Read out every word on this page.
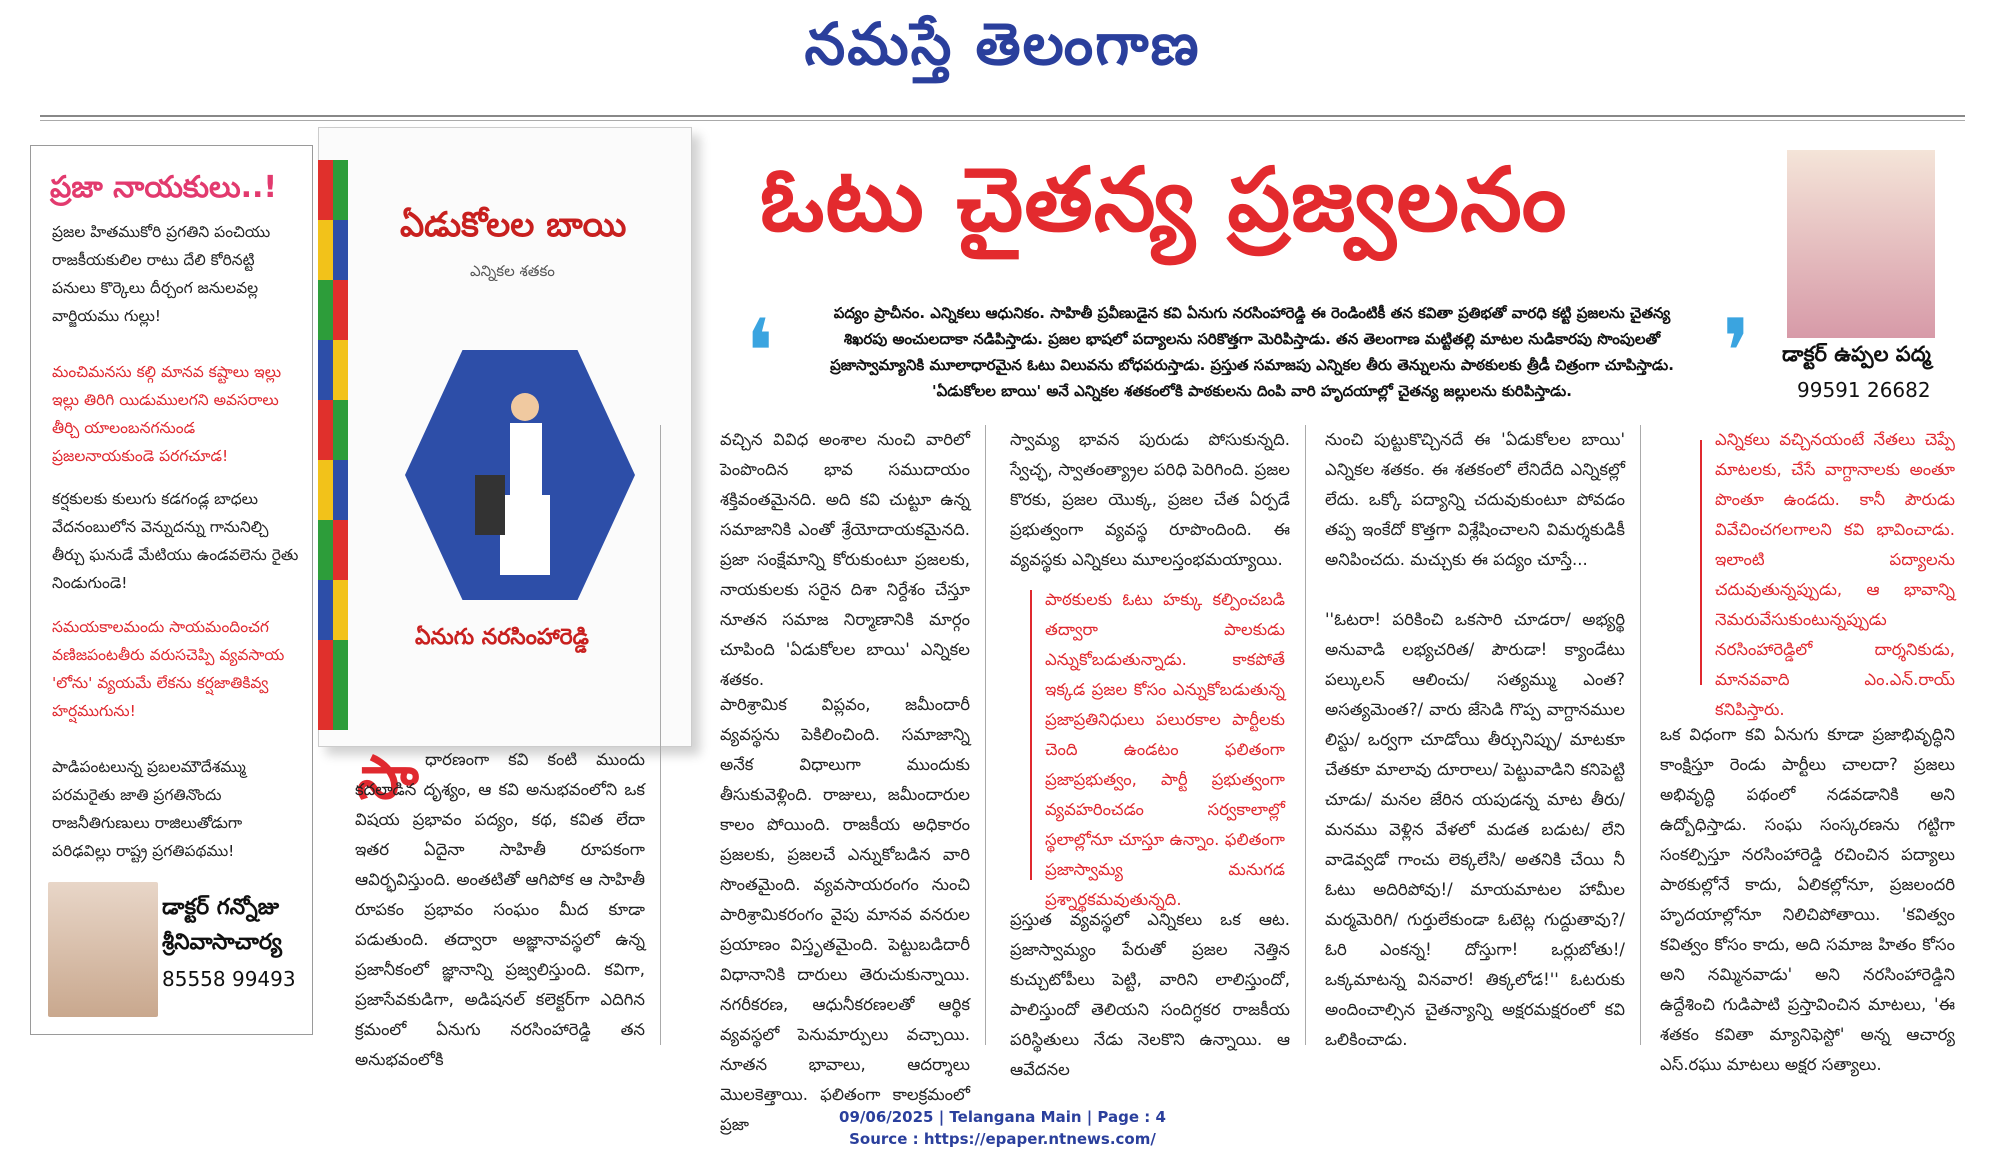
నమస్తే తెలంగాణ
ప్రజా నాయకులు..!
ప్రజల హితముకోరి ప్రగతిని పంచియు రాజకీయకులిల రాటు దేలి కోరినట్టి పనులు కొర్కెలు దీర్చంగ జనులవల్ల వార్జియము గుల్లు!
మంచిమనసు కల్గి మానవ కష్టాలు ఇల్లు ఇల్లు తిరిగి యిడుములగని అవసరాలు తీర్చి యాలంబనగనుండ ప్రజలనాయకుండె పరగచూడ!
కర్షకులకు కులుగు కడగండ్ల బాధలు వేదనంబులోన వెన్నుదన్ను గానునిల్చి తీర్చు ఘనుడే మేటియు ఉండవలెను రైతు నిండుగుండె!
సమయకాలమందు సాయమందించగ వణిజపంటతీరు వరుసచెప్పి వ్యవసాయ 'లోను' వ్యయమే లేకను కర్షజాతికివ్వ హర్షముగును!
పాడిపంటలున్న ప్రబలమౌదేశమ్ము పరమరైతు జాతి ప్రగతినొందు రాజనీతిగుణులు రాజిలుతోడుగా పరిఢవిల్లు రాష్ట్ర ప్రగతిపథము!
డాక్టర్ గన్నోజు
శ్రీనివాసాచార్య
85558 99493
ఏడుకోలల బాయి
ఎన్నికల శతకం
ఏనుగు నరసింహారెడ్డి
ఓటు చైతన్య ప్రజ్వలనం
❛	పద్యం ప్రాచీనం. ఎన్నికలు ఆధునికం. సాహితీ ప్రవీణుడైన కవి ఏనుగు నరసింహారెడ్డి ఈ రెండింటికీ తన కవితా ప్రతిభతో వారధి కట్టి ప్రజలను చైతన్య శిఖరపు అంచులదాకా నడిపిస్తాడు. ప్రజల భాషలో పద్యాలను సరికొత్తగా మెరిపిస్తాడు. తన తెలంగాణ మట్టితల్లి మాటల నుడికారపు సొంపులతో ప్రజాస్వామ్యానికి మూలాధారమైన ఓటు విలువను బోధపరుస్తాడు. ప్రస్తుత సమాజపు ఎన్నికల తీరు తెన్నులను పాఠకులకు త్రీడీ చిత్రంగా చూపిస్తాడు. 'ఏడుకోలల బాయి' అనే ఎన్నికల శతకంలోకి పాఠకులను దింపి వారి హృదయాల్లో చైతన్య జల్లులను కురిపిస్తాడు.	❜ డాక్టర్ ఉప్పల పద్మ
99591 26682
సా ధారణంగా కవి కంటి ముందు కదలాడిన దృశ్యం, ఆ కవి అనుభవంలోని ఒక విషయ ప్రభావం పద్యం, కథ, కవిత లేదా ఇతర ఏదైనా సాహితీ రూపకంగా ఆవిర్భవిస్తుంది. అంతటితో ఆగిపోక ఆ సాహితీ రూపకం ప్రభావం సంఘం మీద కూడా పడుతుంది. తద్వారా అజ్ఞానావస్థలో ఉన్న ప్రజానీకంలో జ్ఞానాన్ని ప్రజ్వలిస్తుంది. కవిగా, ప్రజాసేవకుడిగా, అడిషనల్ కలెక్టర్‌గా ఎదిగిన క్రమంలో ఏనుగు నరసింహారెడ్డి తన అనుభవంలోకి
వచ్చిన వివిధ అంశాల నుంచి వారిలో పెంపొందిన భావ సముదాయం శక్తివంతమైనది. అది కవి చుట్టూ ఉన్న సమాజానికి ఎంతో శ్రేయోదాయకమైనది. ప్రజా సంక్షేమాన్ని కోరుకుంటూ ప్రజలకు, నాయకులకు సరైన దిశా నిర్దేశం చేస్తూ నూతన సమాజ నిర్మాణానికి మార్గం చూపింది 'ఏడుకోలల బాయి' ఎన్నికల శతకం.
పారిశ్రామిక విప్లవం, జమీందారీ వ్యవస్థను పెకిలించింది. సమాజాన్ని అనేక విధాలుగా ముందుకు తీసుకువెళ్లింది. రాజులు, జమీందారుల కాలం పోయింది. రాజకీయ అధికారం ప్రజలకు, ప్రజలచే ఎన్నుకోబడిన వారి సొంతమైంది. వ్యవసాయరంగం నుంచి పారిశ్రామికరంగం వైపు మానవ వనరుల ప్రయాణం విస్తృతమైంది. పెట్టుబడిదారీ విధానానికి దారులు తెరుచుకున్నాయి. నగరీకరణ, ఆధునీకరణలతో ఆర్థిక వ్యవస్థలో పెనుమార్పులు వచ్చాయి. నూతన భావాలు, ఆదర్శాలు మొలకెత్తాయి. ఫలితంగా కాలక్రమంలో ప్రజా
స్వామ్య భావన పురుడు పోసుకున్నది. స్వేచ్ఛ, స్వాతంత్య్రాల పరిధి పెరిగింది. ప్రజల కొరకు, ప్రజల యొక్క, ప్రజల చేత ఏర్పడే ప్రభుత్వంగా వ్యవస్థ రూపొందింది. ఈ వ్యవస్థకు ఎన్నికలు మూలస్తంభమయ్యాయి.
పాఠకులకు ఓటు హక్కు కల్పించబడి తద్వారా పాలకుడు ఎన్నుకోబడుతున్నాడు. కాకపోతే ఇక్కడ ప్రజల కోసం ఎన్నుకోబడుతున్న ప్రజాప్రతినిధులు పలురకాల పార్టీలకు చెంది ఉండటం ఫలితంగా ప్రజాప్రభుత్వం, పార్టీ ప్రభుత్వంగా వ్యవహరించడం సర్వకాలాల్లో స్థలాల్లోనూ చూస్తూ ఉన్నాం. ఫలితంగా ప్రజాస్వామ్య మనుగడ ప్రశ్నార్థకమవుతున్నది.
ప్రస్తుత వ్యవస్థలో ఎన్నికలు ఒక ఆట. ప్రజాస్వామ్యం పేరుతో ప్రజల నెత్తిన కుచ్చుటోపీలు పెట్టి, వారిని లాలిస్తుందో, పాలిస్తుందో తెలియని సందిగ్ధకర రాజకీయ పరిస్థితులు నేడు నెలకొని ఉన్నాయి. ఆ ఆవేదనల
నుంచి పుట్టుకొచ్చినదే ఈ 'ఏడుకోలల బాయి' ఎన్నికల శతకం. ఈ శతకంలో లేనిదేది ఎన్నికల్లో లేదు. ఒక్కో పద్యాన్ని చదువుకుంటూ పోవడం తప్ప ఇంకేదో కొత్తగా విశ్లేషించాలని విమర్శకుడికీ అనిపించదు. మచ్చుకు ఈ పద్యం చూస్తే...
''ఓటరా! పరికించి ఒకసారి చూడరా/ అభ్యర్థి అనువాడి లభ్యచరిత/ పౌరుడా! క్యాండేటు పల్కులన్ ఆలించు/ సత్యమ్ము ఎంత? అసత్యమెంత?/ వారు జేసెడి గొప్ప వాగ్దానముల లిస్టు/ ఒర్వగా చూడోయి తీర్చునిప్పు/ మాటకూ చేతకూ మాలావు దూరాలు/ పెట్టువాడిని కనిపెట్టి చూడు/ మనల జేరిన యపుడన్న మాట తీరు/ మనము వెళ్లిన వేళలో మడత బడుట/ లేని వాడెవ్వడో గాంచు లెక్కలేసి/ అతనికి చేయి నీ ఓటు అదిరిపోవు!/ మాయమాటల హామీల మర్మమెరిగి/ గుర్తులేకుండా ఓటెట్ల గుద్దుతావు?/ ఓరి ఎంకన్న! దోస్తుగా! ఒర్లుబోతు!/ ఒక్కమాటన్న వినవార! తిక్కలోడ!'' ఓటరుకు అందించాల్సిన చైతన్యాన్ని అక్షరమక్షరంలో కవి ఒలికించాడు.
ఎన్నికలు వచ్చినయంటే నేతలు చెప్పే మాటలకు, చేసే వాగ్దానాలకు అంతూ పొంతూ ఉండదు. కానీ పౌరుడు వివేచించగలగాలని కవి భావించాడు. ఇలాంటి పద్యాలను చదువుతున్నప్పుడు, ఆ భావాన్ని నెమరువేసుకుంటున్నప్పుడు నరసింహారెడ్డిలో దార్శనికుడు, మానవవాది ఎం.ఎన్.రాయ్ కనిపిస్తారు.
ఒక విధంగా కవి ఏనుగు కూడా ప్రజాభివృద్ధిని కాంక్షిస్తూ రెండు పార్టీలు చాలదా? ప్రజలు అభివృద్ధి పథంలో నడవడానికి అని ఉద్బోధిస్తాడు. సంఘ సంస్కరణను గట్టిగా సంకల్పిస్తూ నరసింహారెడ్డి రచించిన పద్యాలు పాఠకుల్లోనే కాదు, ఏలికల్లోనూ, ప్రజలందరి హృదయాల్లోనూ నిలిచిపోతాయి. 'కవిత్వం కవిత్వం కోసం కాదు, అది సమాజ హితం కోసం అని నమ్మినవాడు' అని నరసింహారెడ్డిని ఉద్దేశించి గుడిపాటి ప్రస్తావించిన మాటలు, 'ఈ శతకం కవితా మ్యానిఫెస్టో' అన్న ఆచార్య ఎస్.రఘు మాటలు అక్షర సత్యాలు.
09/06/2025 | Telangana Main | Page : 4
Source : https://epaper.ntnews.com/
